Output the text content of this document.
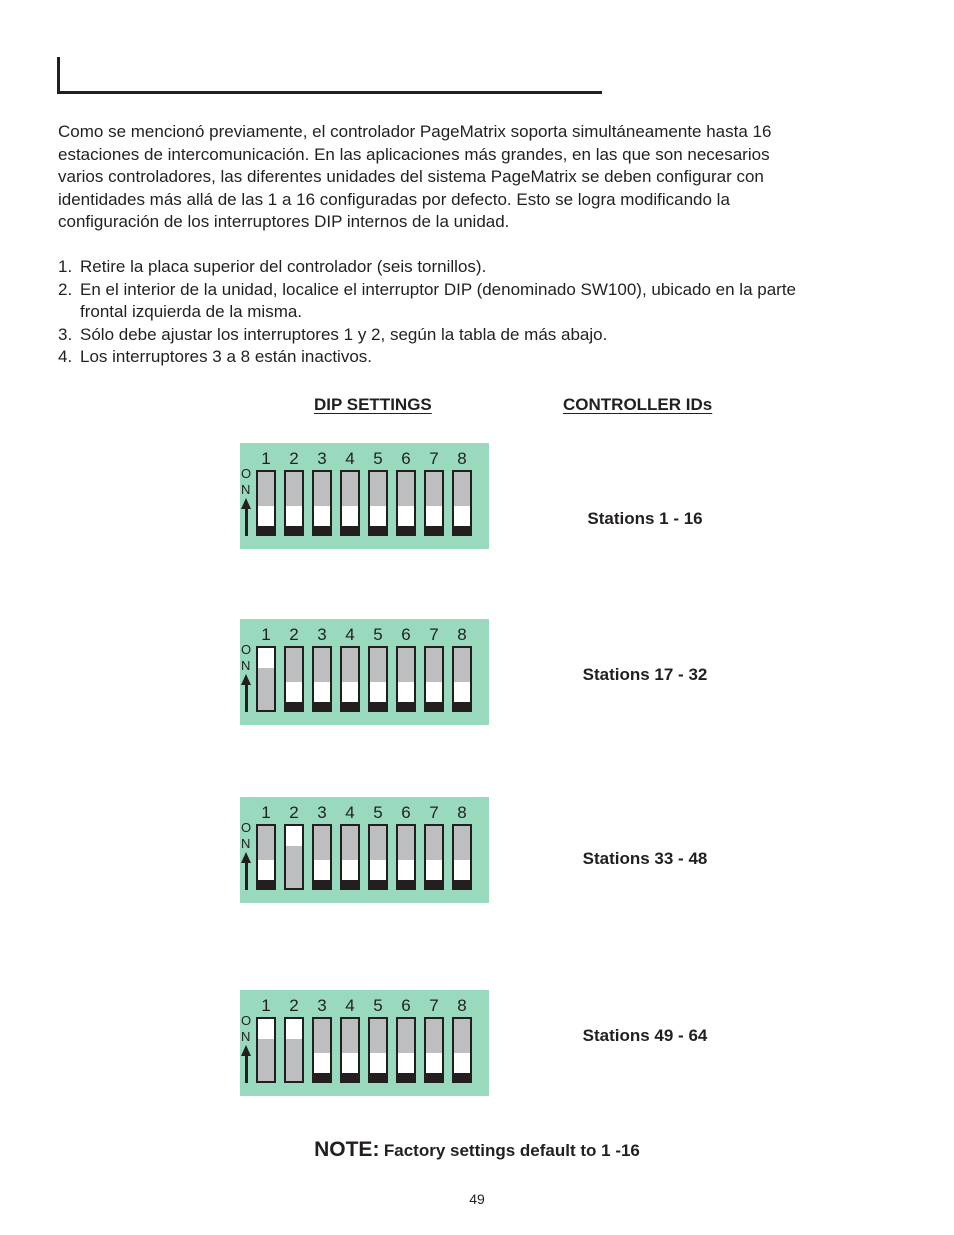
Como se mencionó previamente, el controlador PageMatrix soporta simultáneamente hasta 16
estaciones de intercomunicación. En las aplicaciones más grandes, en las que son necesarios
varios controladores, las diferentes unidades del sistema PageMatrix se deben configurar con
identidades más allá de las 1 a 16 configuradas por defecto. Esto se logra modificando la
configuración de los interruptores DIP internos de la unidad.

1. Retire la placa superior del controlador (seis tornillos).
2. En el interior de la unidad, localice el interruptor DIP (denominado SW100), ubicado en la parte
frontal izquierda de la misma.
3. Sólo debe ajustar los interruptores 1 y 2, según la tabla de más abajo.
4. Los interruptores 3 a 8 están inactivos.
DIP SETTINGS	CONTROLLER IDs
1	2	3	4	5	6	7	8
O
N
Stations 1 - 16
1	2	3	4	5	6	7	8
O
N	Stations 17 - 32
1	2	3	4	5	6	7	8
O
N
Stations 33 - 48
1	2	3	4	5	6	7	8
O
N	Stations 49 - 64
NOTE: Factory settings default to 1 -16
49
